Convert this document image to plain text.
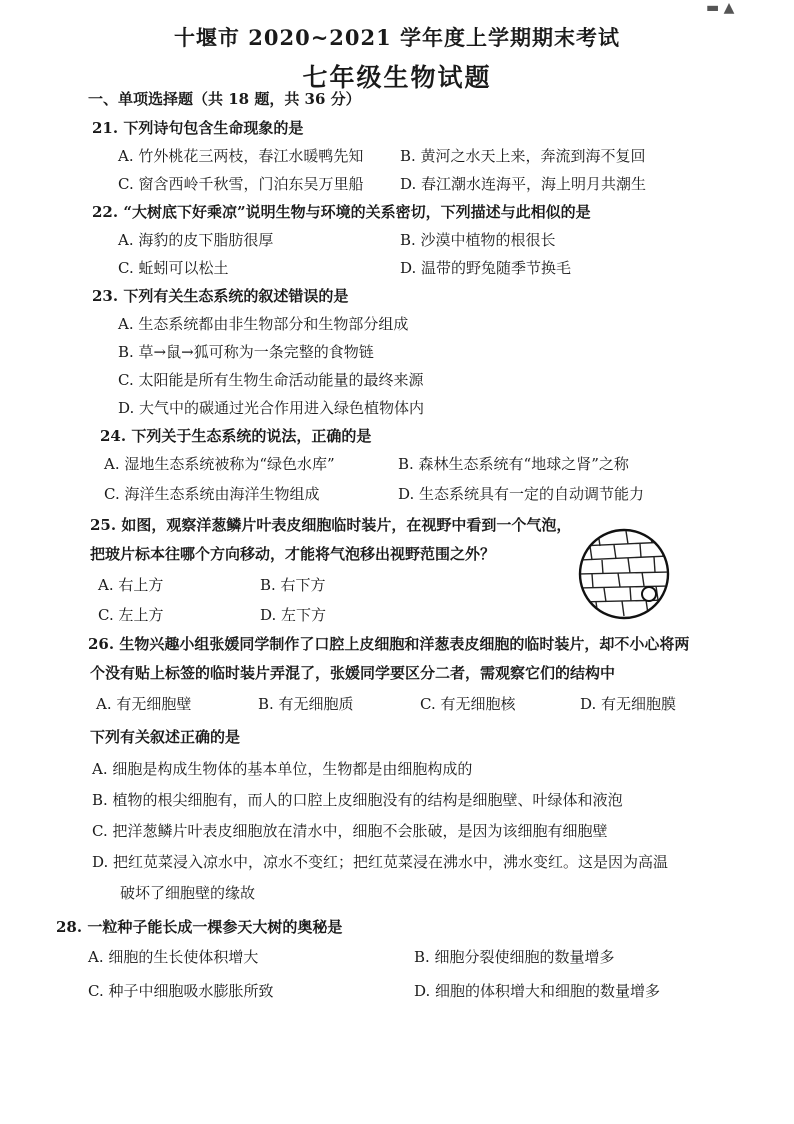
▬ ▲
十堰市 2020~2021 学年度上学期期末考试
七年级生物试题
一、单项选择题（共 18 题，共 36 分）
21. 下列诗句包含生命现象的是
A. 竹外桃花三两枝，春江水暖鸭先知 B. 黄河之水天上来，奔流到海不复回
C. 窗含西岭千秋雪，门泊东吴万里船 D. 春江潮水连海平，海上明月共潮生
22. “大树底下好乘凉”说明生物与环境的关系密切，下列描述与此相似的是
A. 海豹的皮下脂肪很厚	B. 沙漠中植物的根很长
C. 蚯蚓可以松土	D. 温带的野兔随季节换毛
23. 下列有关生态系统的叙述错误的是
A. 生态系统都由非生物部分和生物部分组成
B. 草→鼠→狐可称为一条完整的食物链
C. 太阳能是所有生物生命活动能量的最终来源
D. 大气中的碳通过光合作用进入绿色植物体内
24. 下列关于生态系统的说法，正确的是
A. 湿地生态系统被称为“绿色水库”	B. 森林生态系统有“地球之肾”之称
C. 海洋生态系统由海洋生物组成	D. 生态系统具有一定的自动调节能力
25. 如图，观察洋葱鳞片叶表皮细胞临时装片，在视野中看到一个气泡，
把玻片标本往哪个方向移动，才能将气泡移出视野范围之外？
A. 右上方	B. 右下方
C. 左上方	D. 左下方
26. 生物兴趣小组张媛同学制作了口腔上皮细胞和洋葱表皮细胞的临时装片，却不小心将两
个没有贴上标签的临时装片弄混了，张媛同学要区分二者，需观察它们的结构中
A. 有无细胞壁	B. 有无细胞质	C. 有无细胞核	D. 有无细胞膜
下列有关叙述正确的是
A. 细胞是构成生物体的基本单位，生物都是由细胞构成的
B. 植物的根尖细胞有，而人的口腔上皮细胞没有的结构是细胞壁、叶绿体和液泡
C. 把洋葱鳞片叶表皮细胞放在清水中，细胞不会胀破，是因为该细胞有细胞壁
D. 把红苋菜浸入凉水中，凉水不变红；把红苋菜浸在沸水中，沸水变红。这是因为高温
破坏了细胞壁的缘故
28. 一粒种子能长成一棵参天大树的奥秘是
A. 细胞的生长使体积增大	B. 细胞分裂使细胞的数量增多
C. 种子中细胞吸水膨胀所致	D. 细胞的体积增大和细胞的数量增多
